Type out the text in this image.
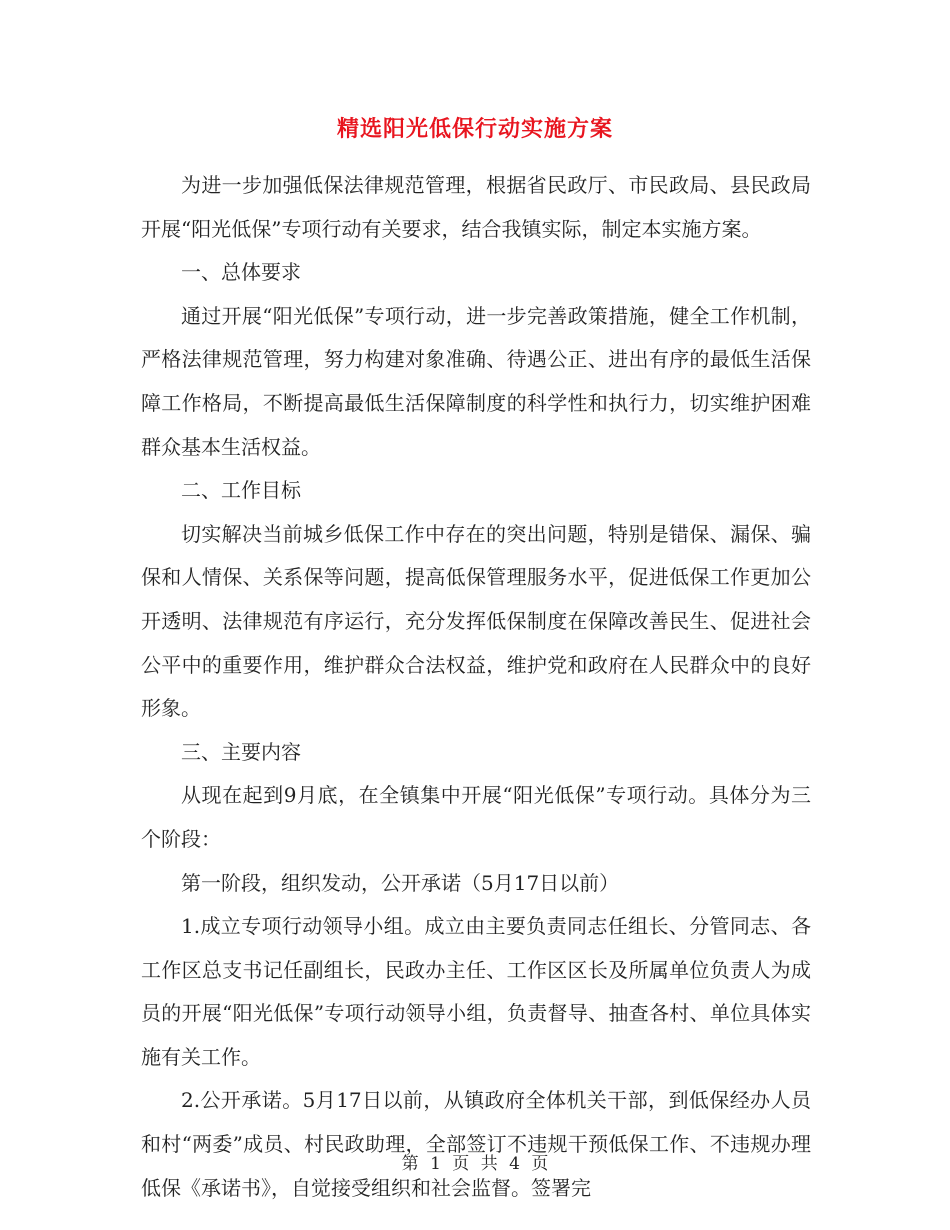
精选阳光低保行动实施方案

为进一步加强低保法律规范管理，根据省民政厅、市民政局、县民政局开展“阳光低保”专项行动有关要求，结合我镇实际，制定本实施方案。

一、总体要求

通过开展“阳光低保”专项行动，进一步完善政策措施，健全工作机制，严格法律规范管理，努力构建对象准确、待遇公正、进出有序的最低生活保障工作格局，不断提高最低生活保障制度的科学性和执行力，切实维护困难群众基本生活权益。

二、工作目标

切实解决当前城乡低保工作中存在的突出问题，特别是错保、漏保、骗保和人情保、关系保等问题，提高低保管理服务水平，促进低保工作更加公开透明、法律规范有序运行，充分发挥低保制度在保障改善民生、促进社会公平中的重要作用，维护群众合法权益，维护党和政府在人民群众中的良好形象。

三、主要内容

从现在起到9月底，在全镇集中开展“阳光低保”专项行动。具体分为三个阶段：

第一阶段，组织发动，公开承诺（5月17日以前）

1.成立专项行动领导小组。成立由主要负责同志任组长、分管同志、各工作区总支书记任副组长，民政办主任、工作区区长及所属单位负责人为成员的开展“阳光低保”专项行动领导小组，负责督导、抽查各村、单位具体实施有关工作。

2.公开承诺。5月17日以前，从镇政府全体机关干部，到低保经办人员和村“两委”成员、村民政助理，全部签订不违规干预低保工作、不违规办理低保《承诺书》，自觉接受组织和社会监督。签署完

第 1 页 共 4 页
